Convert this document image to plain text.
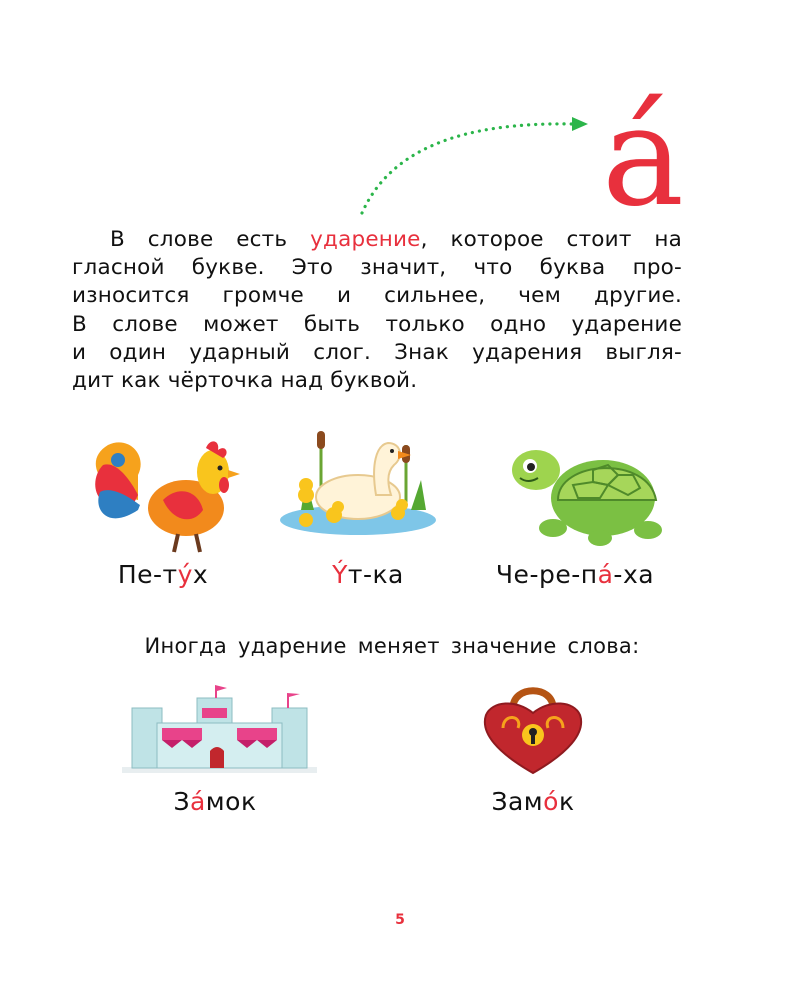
á
В слове есть ударение, которое стоит на
гласной букве. Это значит, что буква про-
износится громче и сильнее, чем другие.
В слове может быть только одно ударение
и один ударный слог. Знак ударения выгля-
дит как чёрточка над буквой.
Пе-тýх	Ýт-ка	Че-ре-пá-ха
Иногда ударение меняет значение слова:
Зáмок	Замóк
5
